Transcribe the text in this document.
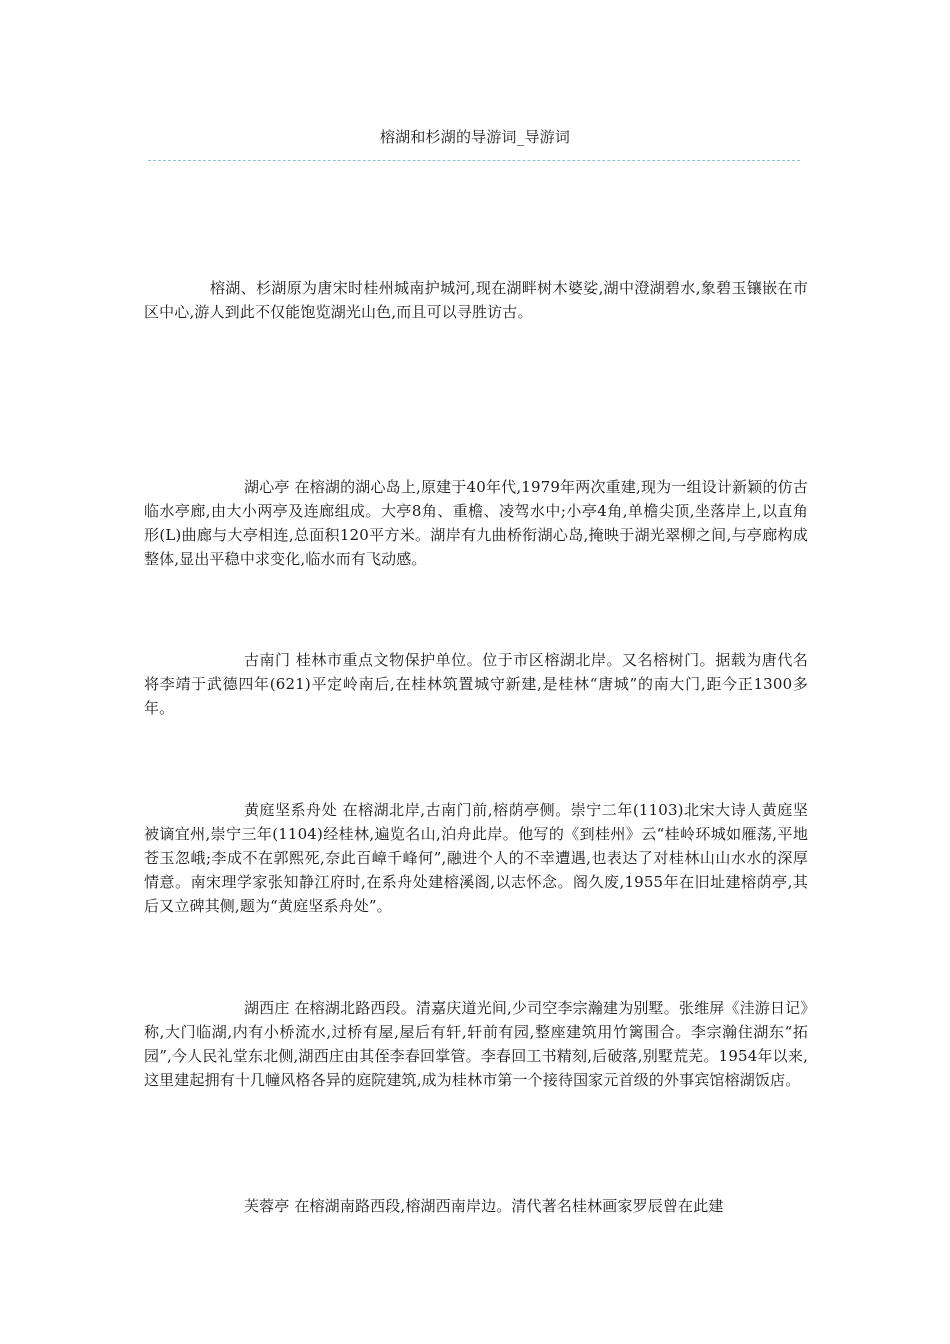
榕湖和杉湖的导游词_导游词

榕湖、杉湖原为唐宋时桂州城南护城河,现在湖畔树木婆娑,湖中澄湖碧水,象碧玉镶嵌在市区中心,游人到此不仅能饱览湖光山色,而且可以寻胜访古。

湖心亭 在榕湖的湖心岛上,原建于40年代,1979年两次重建,现为一组设计新颖的仿古临水亭廊,由大小两亭及连廊组成。大亭8角、重檐、凌驾水中;小亭4角,单檐尖顶,坐落岸上,以直角形(L)曲廊与大亭相连,总面积120平方米。湖岸有九曲桥衔湖心岛,掩映于湖光翠柳之间,与亭廊构成整体,显出平稳中求变化,临水而有飞动感。

古南门 桂林市重点文物保护单位。位于市区榕湖北岸。又名榕树门。据载为唐代名将李靖于武德四年(621)平定岭南后,在桂林筑置城守新建,是桂林“唐城”的南大门,距今正1300多年。

黄庭坚系舟处 在榕湖北岸,古南门前,榕荫亭侧。崇宁二年(1103)北宋大诗人黄庭坚被谪宜州,崇宁三年(1104)经桂林,遍览名山,泊舟此岸。他写的《到桂州》云“桂岭环城如雁荡,平地苍玉忽峨;李成不在郭熙死,奈此百嶂千峰何”,融进个人的不幸遭遇,也表达了对桂林山山水水的深厚情意。南宋理学家张知静江府时,在系舟处建榕溪阁,以志怀念。阁久废,1955年在旧址建榕荫亭,其后又立碑其侧,题为“黄庭坚系舟处”。

湖西庄 在榕湖北路西段。清嘉庆道光间,少司空李宗瀚建为别墅。张维屏《洼游日记》称,大门临湖,内有小桥流水,过桥有屋,屋后有轩,轩前有园,整座建筑用竹篱围合。李宗瀚住湖东“拓园”,今人民礼堂东北侧,湖西庄由其侄李春回掌管。李春回工书精刻,后破落,别墅荒芜。1954年以来,这里建起拥有十几幢风格各异的庭院建筑,成为桂林市第一个接待国家元首级的外事宾馆榕湖饭店。

芙蓉亭 在榕湖南路西段,榕湖西南岸边。清代著名桂林画家罗辰曾在此建
